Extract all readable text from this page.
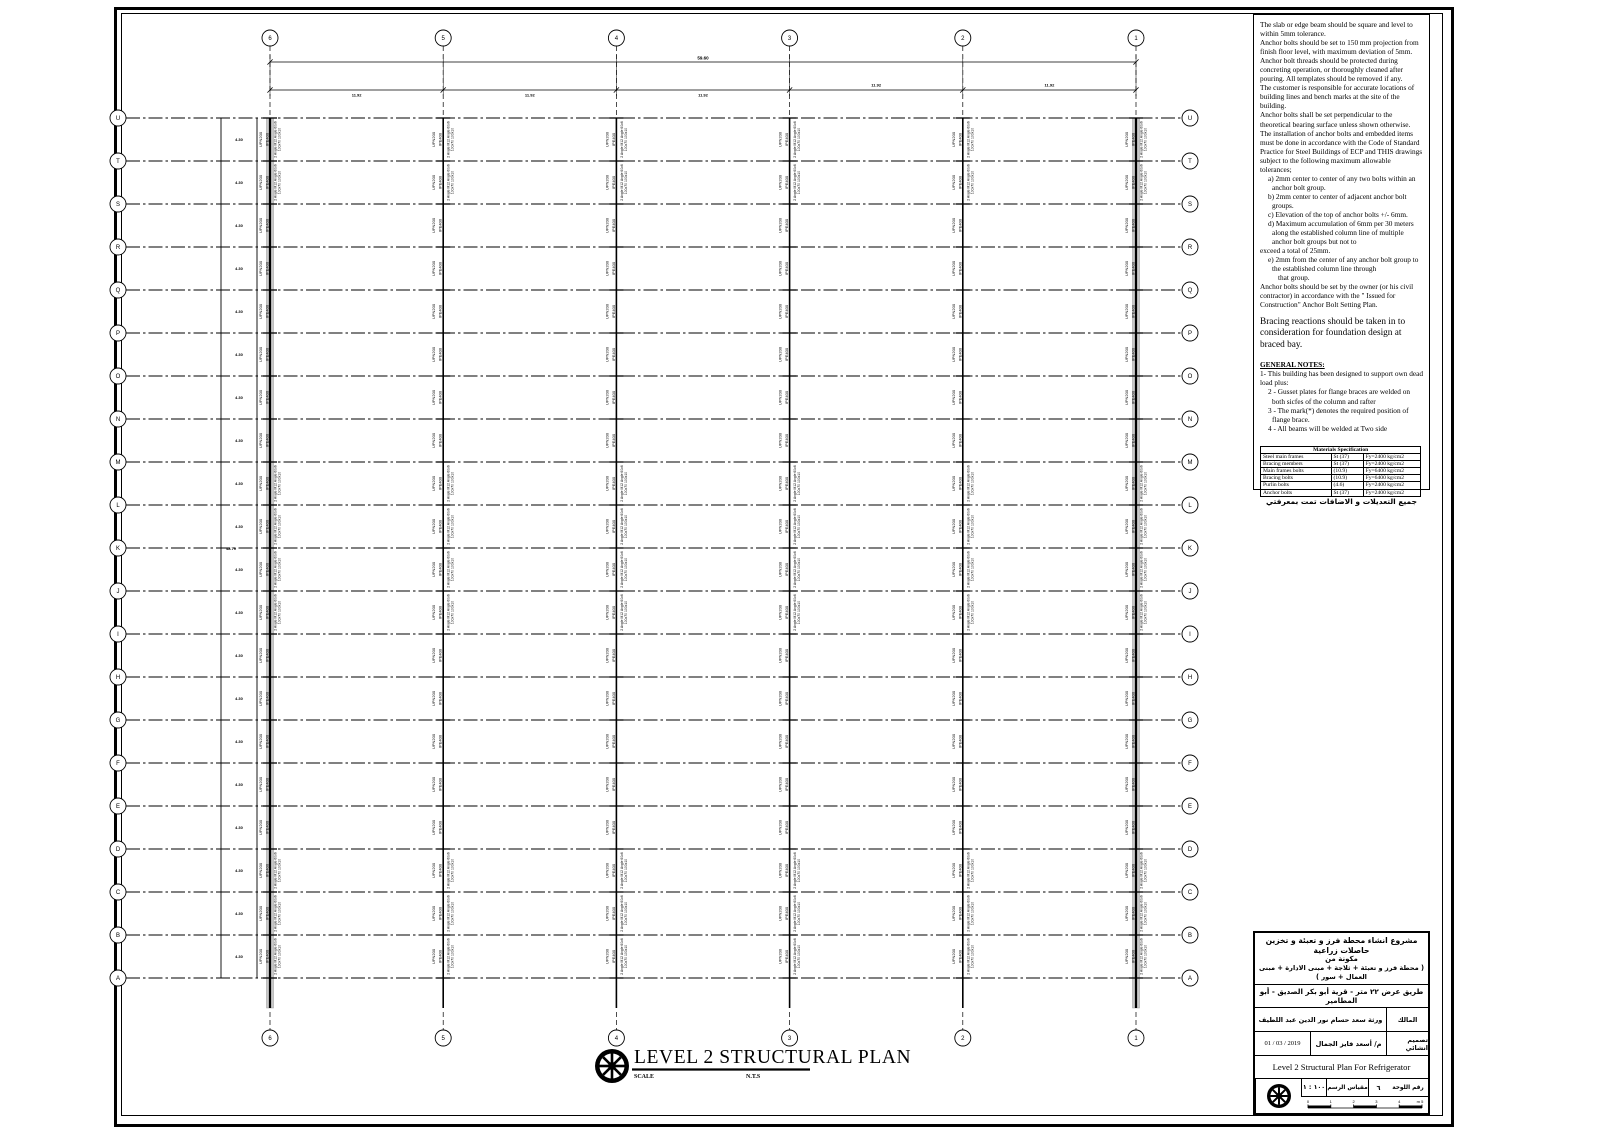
4.30
4.30
4.30
4.30
4.30
4.30
4.30
4.30
4.30
4.30
4.30
4.30
4.30
4.30
4.30
4.30
4.30
4.30
4.30
4.30
48.79
59.60
11.92	11.92	11.92
11.92	11.92
U	U
T	T
S	S
R	R
Q	Q
P	P
O	O
N	N
M	M
L	L
K	K
J	J
I	I
H	H
G	G
F	F
E	E
D	D
C	C
B	B
A	A
6
6
UPN200 IPE400 2 Angle M12 Angle 60x6 100x70 100x10
UPN200 IPE400 2 Angle M12 Angle 60x6 100x70 100x10
UPN200 IPE400
UPN200 IPE400
UPN200 IPE400
UPN200 IPE400
UPN200 IPE400
UPN200 IPE400
UPN200 IPE400 2 Angle M12 Angle 60x6 100x70 100x10
UPN200 IPE400 2 Angle M12 Angle 60x6 100x70 100x10
UPN200 IPE400 2 Angle M12 Angle 60x6 100x70 100x10
UPN200 IPE400 2 Angle M12 Angle 60x6 100x70 100x10
UPN200 IPE400
UPN200 IPE400
UPN200 IPE400
UPN200 IPE400
UPN200 IPE400
UPN200 IPE400 2 Angle M12 Angle 60x6 100x70 100x10
UPN200 IPE400 2 Angle M12 Angle 60x6 100x70 100x10
UPN200 IPE400 2 Angle M12 Angle 60x6 100x70 100x10
5
5
UPN200 IPE400 2 Angle M12 Angle 60x6 100x70 100x10
UPN200 IPE400 2 Angle M12 Angle 60x6 100x70 100x10
UPN200 IPE400
UPN200 IPE400
UPN200 IPE400
UPN200 IPE400
UPN200 IPE400
UPN200 IPE400
UPN200 IPE400 2 Angle M12 Angle 60x6 100x70 100x10
UPN200 IPE400 2 Angle M12 Angle 60x6 100x70 100x10
UPN200 IPE400 2 Angle M12 Angle 60x6 100x70 100x10
UPN200 IPE400 2 Angle M12 Angle 60x6 100x70 100x10
UPN200 IPE400
UPN200 IPE400
UPN200 IPE400
UPN200 IPE400
UPN200 IPE400
UPN200 IPE400 2 Angle M12 Angle 60x6 100x70 100x10
UPN200 IPE400 2 Angle M12 Angle 60x6 100x70 100x10
UPN200 IPE400 2 Angle M12 Angle 60x6 100x70 100x10
4
4
UPN200 IPE400 2 Angle M12 Angle 60x6 100x70 100x10
UPN200 IPE400 2 Angle M12 Angle 60x6 100x70 100x10
UPN200 IPE400
UPN200 IPE400
UPN200 IPE400
UPN200 IPE400
UPN200 IPE400
UPN200 IPE400
UPN200 IPE400 2 Angle M12 Angle 60x6 100x70 100x10
UPN200 IPE400 2 Angle M12 Angle 60x6 100x70 100x10
UPN200 IPE400 2 Angle M12 Angle 60x6 100x70 100x10
UPN200 IPE400 2 Angle M12 Angle 60x6 100x70 100x10
UPN200 IPE400
UPN200 IPE400
UPN200 IPE400
UPN200 IPE400
UPN200 IPE400
UPN200 IPE400 2 Angle M12 Angle 60x6 100x70 100x10
UPN200 IPE400 2 Angle M12 Angle 60x6 100x70 100x10
UPN200 IPE400 2 Angle M12 Angle 60x6 100x70 100x10
3
3
UPN200 IPE400 2 Angle M12 Angle 60x6 100x70 100x10
UPN200 IPE400 2 Angle M12 Angle 60x6 100x70 100x10
UPN200 IPE400
UPN200 IPE400
UPN200 IPE400
UPN200 IPE400
UPN200 IPE400
UPN200 IPE400
UPN200 IPE400 2 Angle M12 Angle 60x6 100x70 100x10
UPN200 IPE400 2 Angle M12 Angle 60x6 100x70 100x10
UPN200 IPE400 2 Angle M12 Angle 60x6 100x70 100x10
UPN200 IPE400 2 Angle M12 Angle 60x6 100x70 100x10
UPN200 IPE400
UPN200 IPE400
UPN200 IPE400
UPN200 IPE400
UPN200 IPE400
UPN200 IPE400 2 Angle M12 Angle 60x6 100x70 100x10
UPN200 IPE400 2 Angle M12 Angle 60x6 100x70 100x10
UPN200 IPE400 2 Angle M12 Angle 60x6 100x70 100x10
2
2
UPN200 IPE400 2 Angle M12 Angle 60x6 100x70 100x10
UPN200 IPE400 2 Angle M12 Angle 60x6 100x70 100x10
UPN200 IPE400
UPN200 IPE400
UPN200 IPE400
UPN200 IPE400
UPN200 IPE400
UPN200 IPE400
UPN200 IPE400 2 Angle M12 Angle 60x6 100x70 100x10
UPN200 IPE400 2 Angle M12 Angle 60x6 100x70 100x10
UPN200 IPE400 2 Angle M12 Angle 60x6 100x70 100x10
UPN200 IPE400 2 Angle M12 Angle 60x6 100x70 100x10
UPN200 IPE400
UPN200 IPE400
UPN200 IPE400
UPN200 IPE400
UPN200 IPE400
UPN200 IPE400 2 Angle M12 Angle 60x6 100x70 100x10
UPN200 IPE400 2 Angle M12 Angle 60x6 100x70 100x10
UPN200 IPE400 2 Angle M12 Angle 60x6 100x70 100x10
1
1
UPN200 IPE400 2 Angle M12 Angle 60x6 100x70 100x10
UPN200 IPE400 2 Angle M12 Angle 60x6 100x70 100x10
UPN200 IPE400
UPN200 IPE400
UPN200 IPE400
UPN200 IPE400
UPN200 IPE400
UPN200 IPE400
UPN200 IPE400 2 Angle M12 Angle 60x6 100x70 100x10
UPN200 IPE400 2 Angle M12 Angle 60x6 100x70 100x10
UPN200 IPE400 2 Angle M12 Angle 60x6 100x70 100x10
UPN200 IPE400 2 Angle M12 Angle 60x6 100x70 100x10
UPN200 IPE400
UPN200 IPE400
UPN200 IPE400
UPN200 IPE400
UPN200 IPE400
UPN200 IPE400 2 Angle M12 Angle 60x6 100x70 100x10
UPN200 IPE400 2 Angle M12 Angle 60x6 100x70 100x10
UPN200 IPE400 2 Angle M12 Angle 60x6 100x70 100x10
LEVEL 2 STRUCTURAL PLAN
SCALE	N.T.S
The slab or edge beam should be square and level to within 5mm tolerance.
Anchor bolts should be set to 150 mm projection from finish floor level, with maximum deviation of 5mm. Anchor bolt threads should be protected during concreting operation, or thoroughly cleaned after pouring. All templates should be removed if any.
The customer is responsible for accurate locations of building lines and bench marks at the site of the building.
Anchor bolts shall be set perpendicular to the theoretical bearing surface unless shown otherwise.
The installation of anchor bolts and embedded items must be done in accordance with the Code of Standard Practice for Steel Buildings of ECP and THIS drawings subject to the following maximum allowable tolerances;
a) 2mm center to center of any two bolts within an anchor bolt group.
b) 2mm center to center of adjacent anchor bolt groups.
c) Elevation of the top of anchor bolts +/- 6mm.
d) Maximum accumulation of 6mm per 30 meters along the established column line of multiple anchor bolt groups but not to
exceed a total of 25mm.
e) 2mm from the center of any anchor bolt group to the established column line through
that group.
Anchor bolts should be set by the owner (or his civil contractor) in accordance with the " Issued for Construction" Anchor Bolt Setting Plan.
Bracing reactions should be taken in to consideration for foundation design at braced bay.
GENERAL NOTES:
1- This building has been designed to support own dead load plus:
2 - Gusset plates for flange braces are welded on both sicfes of the column and rafter
3 - The mark(*) denotes the required position of flange brace.
4 - All beams will be welded at Two side
Materials Specification		
Steel main frames	St (37)	Fy=2400 kg/cm2
Bracing members	St (37)	Fy=2400 kg/cm2
Main frames bolts	(10.9)	Fy=6400 kg/cm2
Bracing bolts	(10.9)	Fy=6400 kg/cm2
Purlin bolts	(4.6)	Fy=2400 kg/cm2
Anchor bolts	St (37)	Fy=2400 kg/cm2
جميع التعديلات و الاضافات تمت بمعرفتي
مشروع انشاء محطة فرز و تعبئة و تخزين حاصلات زراعية
مكونة من
( محطة فرز و تعبئة + ثلاجة + مبنى الادارة + مبنى العمال + سور )
طريق عرض ٢٢ متر - قرية أبو بكر الصديق - أبو المطامير
المالك
ورثة سعد حسام نور الدين عبد اللطيف
تصميم انشائي
م/ أسعد فايز الجمال
01 / 03 / 2019
Level 2 Structural Plan For Refrigerator
رقم اللوحة
٦
مقياس الرسم
١٠٠ : ١
0	1	2	3	4	5 m
